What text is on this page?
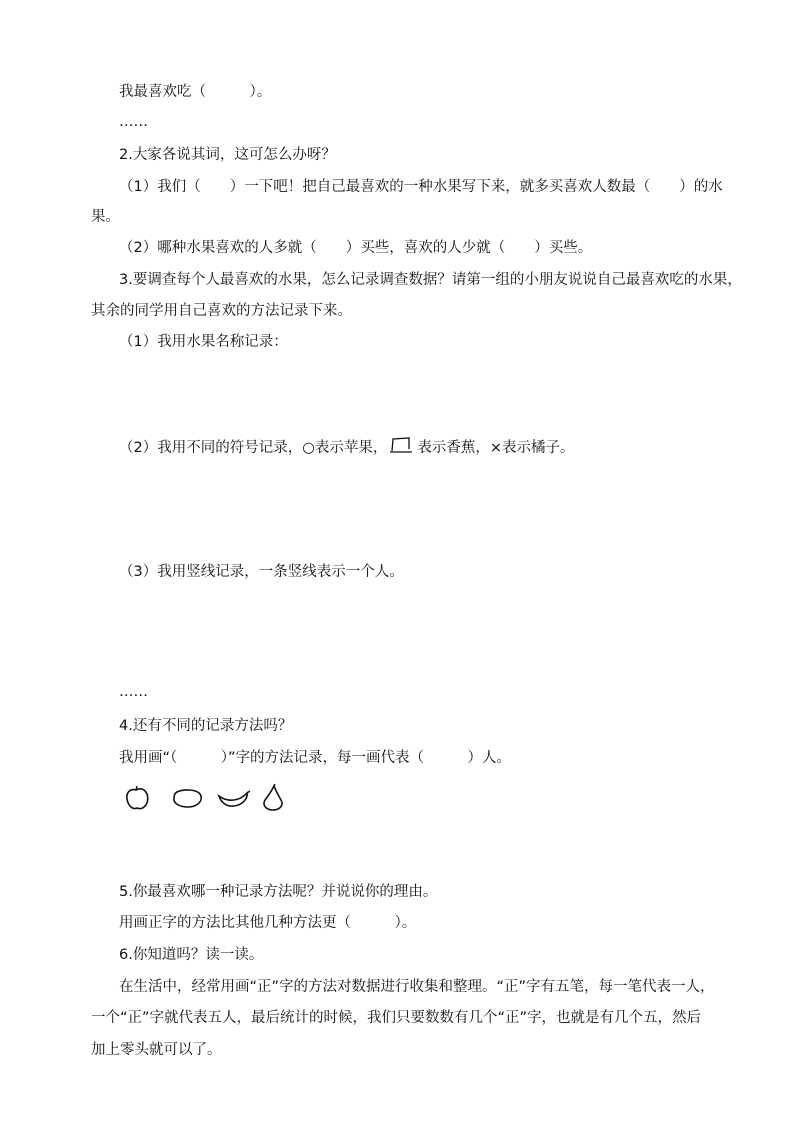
我最喜欢吃（　　　）。
……
2.大家各说其词，这可怎么办呀？
（1）我们（　　）一下吧！把自己最喜欢的一种水果写下来，就多买喜欢人数最（　　）的水
果。
（2）哪种水果喜欢的人多就（　　）买些，喜欢的人少就（　　）买些。
3.要调查每个人最喜欢的水果，怎么记录调查数据？请第一组的小朋友说说自己最喜欢吃的水果，
其余的同学用自己喜欢的方法记录下来。
（1）我用水果名称记录：
（2）我用不同的符号记录，○表示苹果， 表示香蕉，×表示橘子。
（3）我用竖线记录，一条竖线表示一个人。
……
4.还有不同的记录方法吗？
我用画“（　　　）”字的方法记录，每一画代表（　　　）人。
5.你最喜欢哪一种记录方法呢？并说说你的理由。
用画正字的方法比其他几种方法更（　　　）。
6.你知道吗？读一读。
在生活中，经常用画“正”字的方法对数据进行收集和整理。“正”字有五笔，每一笔代表一人，
一个“正”字就代表五人，最后统计的时候，我们只要数数有几个“正”字，也就是有几个五，然后
加上零头就可以了。
